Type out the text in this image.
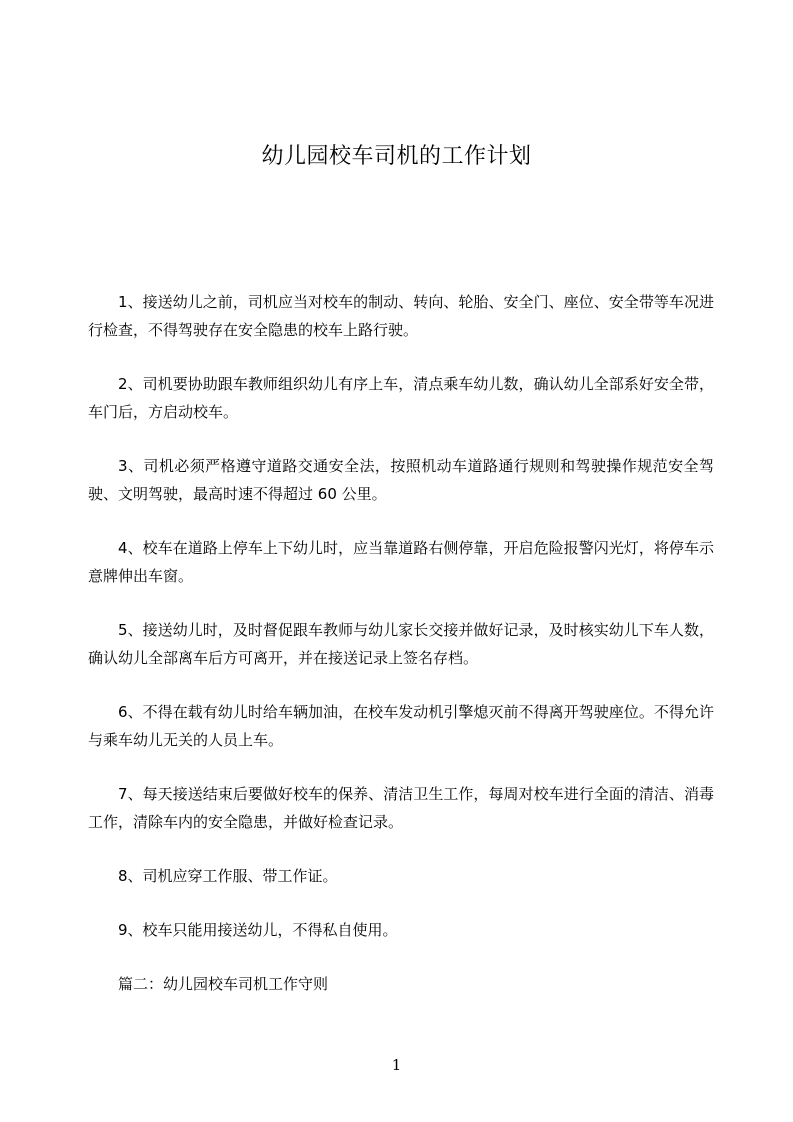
幼儿园校车司机的工作计划

1、接送幼儿之前，司机应当对校车的制动、转向、轮胎、安全门、座位、安全带等车况进行检查，不得驾驶存在安全隐患的校车上路行驶。

2、司机要协助跟车教师组织幼儿有序上车，清点乘车幼儿数，确认幼儿全部系好安全带，车门后，方启动校车。

3、司机必须严格遵守道路交通安全法，按照机动车道路通行规则和驾驶操作规范安全驾驶、文明驾驶，最高时速不得超过 60 公里。

4、校车在道路上停车上下幼儿时，应当靠道路右侧停靠，开启危险报警闪光灯，将停车示意牌伸出车窗。

5、接送幼儿时，及时督促跟车教师与幼儿家长交接并做好记录，及时核实幼儿下车人数，确认幼儿全部离车后方可离开，并在接送记录上签名存档。

6、不得在载有幼儿时给车辆加油，在校车发动机引擎熄灭前不得离开驾驶座位。不得允许与乘车幼儿无关的人员上车。

7、每天接送结束后要做好校车的保养、清洁卫生工作，每周对校车进行全面的清洁、消毒工作，清除车内的安全隐患，并做好检查记录。

8、司机应穿工作服、带工作证。

9、校车只能用接送幼儿，不得私自使用。

篇二：幼儿园校车司机工作守则

1
